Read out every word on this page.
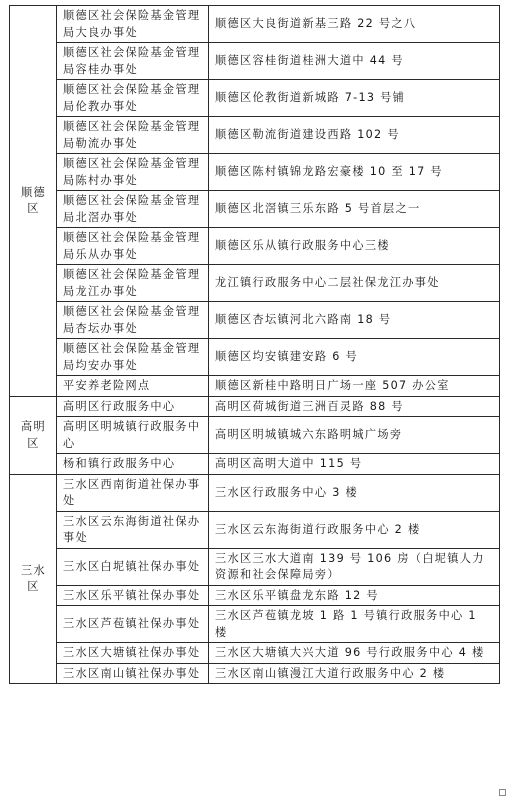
顺德区	顺德区社会保险基金管理局大良办事处	顺德区大良街道新基三路 22 号之八
	顺德区社会保险基金管理局容桂办事处	顺德区容桂街道桂洲大道中 44 号
	顺德区社会保险基金管理局伦教办事处	顺德区伦教街道新城路 7-13 号铺
	顺德区社会保险基金管理局勒流办事处	顺德区勒流街道建设西路 102 号
	顺德区社会保险基金管理局陈村办事处	顺德区陈村镇锦龙路宏豪楼 10 至 17 号
	顺德区社会保险基金管理局北滘办事处	顺德区北滘镇三乐东路 5 号首层之一
	顺德区社会保险基金管理局乐从办事处	顺德区乐从镇行政服务中心三楼
	顺德区社会保险基金管理局龙江办事处	龙江镇行政服务中心二层社保龙江办事处
	顺德区社会保险基金管理局杏坛办事处	顺德区杏坛镇河北六路南 18 号
	顺德区社会保险基金管理局均安办事处	顺德区均安镇建安路 6 号
	平安养老险网点	顺德区新桂中路明日广场一座 507 办公室
高明区	高明区行政服务中心	高明区荷城街道三洲百灵路 88 号
	高明区明城镇行政服务中心	高明区明城镇城六东路明城广场旁
	杨和镇行政服务中心	高明区高明大道中 115 号
三水区	三水区西南街道社保办事处	三水区行政服务中心 3 楼
	三水区云东海街道社保办事处	三水区云东海街道行政服务中心 2 楼
	三水区白坭镇社保办事处	三水区三水大道南 139 号 106 房（白坭镇人力资源和社会保障局旁）
	三水区乐平镇社保办事处	三水区乐平镇盘龙东路 12 号
	三水区芦苞镇社保办事处	三水区芦苞镇龙坡 1 路 1 号镇行政服务中心 1 楼
	三水区大塘镇社保办事处	三水区大塘镇大兴大道 96 号行政服务中心 4 楼
	三水区南山镇社保办事处	三水区南山镇漫江大道行政服务中心 2 楼
